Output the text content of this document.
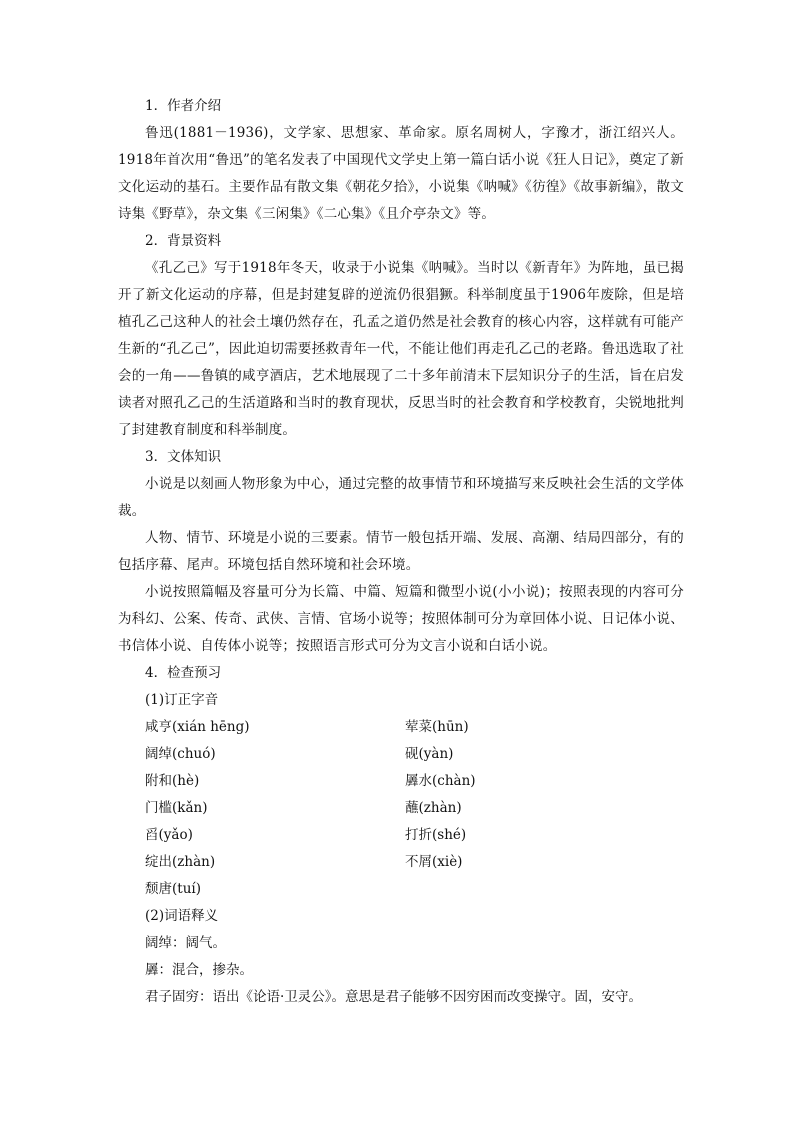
1．作者介绍
鲁迅(1881－1936)，文学家、思想家、革命家。原名周树人，字豫才，浙江绍兴人。1918年首次用“鲁迅”的笔名发表了中国现代文学史上第一篇白话小说《狂人日记》，奠定了新文化运动的基石。主要作品有散文集《朝花夕拾》，小说集《呐喊》《彷徨》《故事新编》，散文诗集《野草》，杂文集《三闲集》《二心集》《且介亭杂文》等。
2．背景资料
《孔乙己》写于1918年冬天，收录于小说集《呐喊》。当时以《新青年》为阵地，虽已揭开了新文化运动的序幕，但是封建复辟的逆流仍很猖獗。科举制度虽于1906年废除，但是培植孔乙己这种人的社会土壤仍然存在，孔孟之道仍然是社会教育的核心内容，这样就有可能产生新的“孔乙己”，因此迫切需要拯救青年一代，不能让他们再走孔乙己的老路。鲁迅选取了社会的一角——鲁镇的咸亨酒店，艺术地展现了二十多年前清末下层知识分子的生活，旨在启发读者对照孔乙己的生活道路和当时的教育现状，反思当时的社会教育和学校教育，尖锐地批判了封建教育制度和科举制度。
3．文体知识
小说是以刻画人物形象为中心，通过完整的故事情节和环境描写来反映社会生活的文学体裁。
人物、情节、环境是小说的三要素。情节一般包括开端、发展、高潮、结局四部分，有的包括序幕、尾声。环境包括自然环境和社会环境。
小说按照篇幅及容量可分为长篇、中篇、短篇和微型小说(小小说)；按照表现的内容可分为科幻、公案、传奇、武侠、言情、官场小说等；按照体制可分为章回体小说、日记体小说、书信体小说、自传体小说等；按照语言形式可分为文言小说和白话小说。
4．检查预习
(1)订正字音
咸亨(xián hēng)	荤菜(hūn)
阔绰(chuó)	砚(yàn)
附和(hè)	羼水(chàn)
门槛(kǎn)	蘸(zhàn)
舀(yǎo)	打折(shé)
绽出(zhàn)	不屑(xiè)
颓唐(tuí)
(2)词语释义
阔绰：阔气。
羼：混合，掺杂。
君子固穷：语出《论语·卫灵公》。意思是君子能够不因穷困而改变操守。固，安守。
